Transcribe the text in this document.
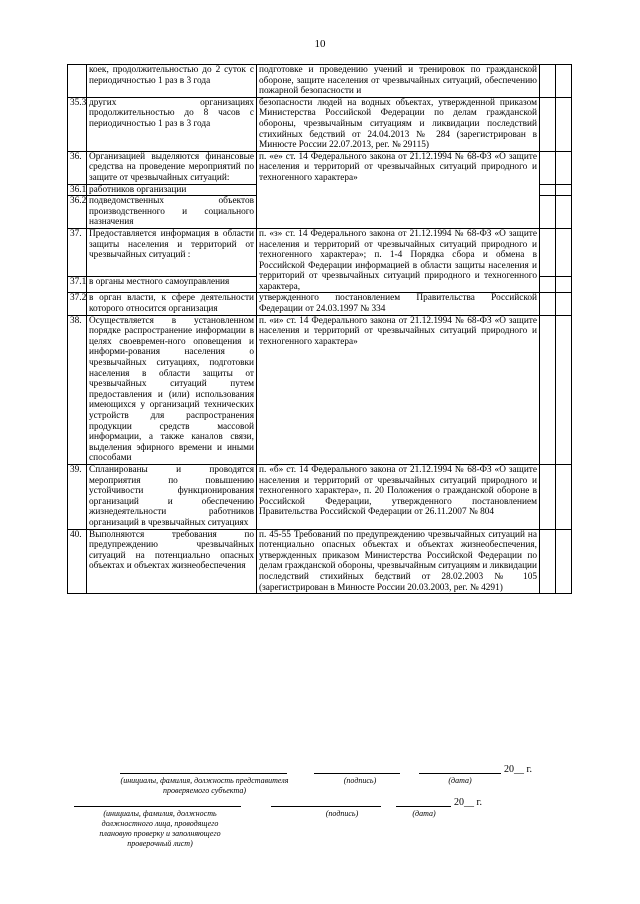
10
	коек, продолжительностью до 2 суток с периодичностью 1 раз в 3 года	подготовке и проведению учений и тренировок по гражданской обороне, защите населения от чрезвычайных ситуаций, обеспечению пожарной безопасности и		
35.3	других организациях продолжительностью до 8 часов с периодичностью 1 раз в 3 года	безопасности людей на водных объектах, утвержденной приказом Министерства Российской Федерации по делам гражданской обороны, чрезвычайным ситуациям и ликвидации последствий стихийных бедствий от 24.04.2013 № 284 (зарегистрирован в Минюсте России 22.07.2013, рег. № 29115)		
36.	Организацией выделяются финансовые средства на проведение мероприятий по защите от чрезвычайных ситуаций:	п. «е» ст. 14 Федерального закона от 21.12.1994 № 68-ФЗ «О защите населения и территорий от чрезвычайных ситуаций природного и техногенного характера»		
36.1	работников организации			
36.2	подведомственных объектов производственного и социального назначения			
37.	Предоставляется информация в области защиты населения и территорий от чрезвычайных ситуаций :	п. «з» ст. 14 Федерального закона от 21.12.1994 № 68-ФЗ «О защите населения и территорий от чрезвычайных ситуаций природного и техногенного характера»; п. 1-4 Порядка сбора и обмена в Российской Федерации информацией в области защиты населения и территорий от чрезвычайных ситуаций природного и техногенного характера,		
37.1	в органы местного самоуправления			
37.2	в орган власти, к сфере деятельности которого относится организация	утвержденного постановлением Правительства Российской Федерации от 24.03.1997 № 334		
38.	Осуществляется в установленном порядке распространение информации в целях своевремен-ного оповещения и информи-рования населения о чрезвычайных ситуациях, подготовки населения в области защиты от чрезвычайных ситуаций путем предоставления и (или) использования имеющихся у организаций технических устройств для распространения продукции средств массовой информации, а также каналов связи, выделения эфирного времени и иными способами	п. «и» ст. 14 Федерального закона от 21.12.1994 № 68-ФЗ «О защите населения и территорий от чрезвычайных ситуаций природного и техногенного характера»		
39.	Спланированы и проводятся мероприятия по повышению устойчивости функционирования организаций и обеспечению жизнедеятельности работников организаций в чрезвычайных ситуациях	п. «б» ст. 14 Федерального закона от 21.12.1994 № 68-ФЗ «О защите населения и территорий от чрезвычайных ситуаций природного и техногенного характера», п. 20 Положения о гражданской обороне в Российской Федерации, утвержденного постановлением Правительства Российской Федерации от 26.11.2007 № 804		
40.	Выполняются требования по предупреждению чрезвычайных ситуаций на потенциально опасных объектах и объектах жизнеобеспечения	п. 45-55 Требований по предупреждению чрезвычайных ситуаций на потенциально опасных объектах и объектах жизнеобеспечения, утвержденных приказом Министерства Российской Федерации по делам гражданской обороны, чрезвычайным ситуациям и ликвидации последствий стихийных бедствий от 28.02.2003 № 105 (зарегистрирован в Минюсте России 20.03.2003, рег. № 4291)		
20__ г.
(инициалы, фамилия, должность представителя проверяемого субъекта)
(подпись)	(дата)
20__ г.
(инициалы, фамилия, должность должностного лица, проводящего плановую проверку и заполняющего проверочный лист)
(подпись)	(дата)
